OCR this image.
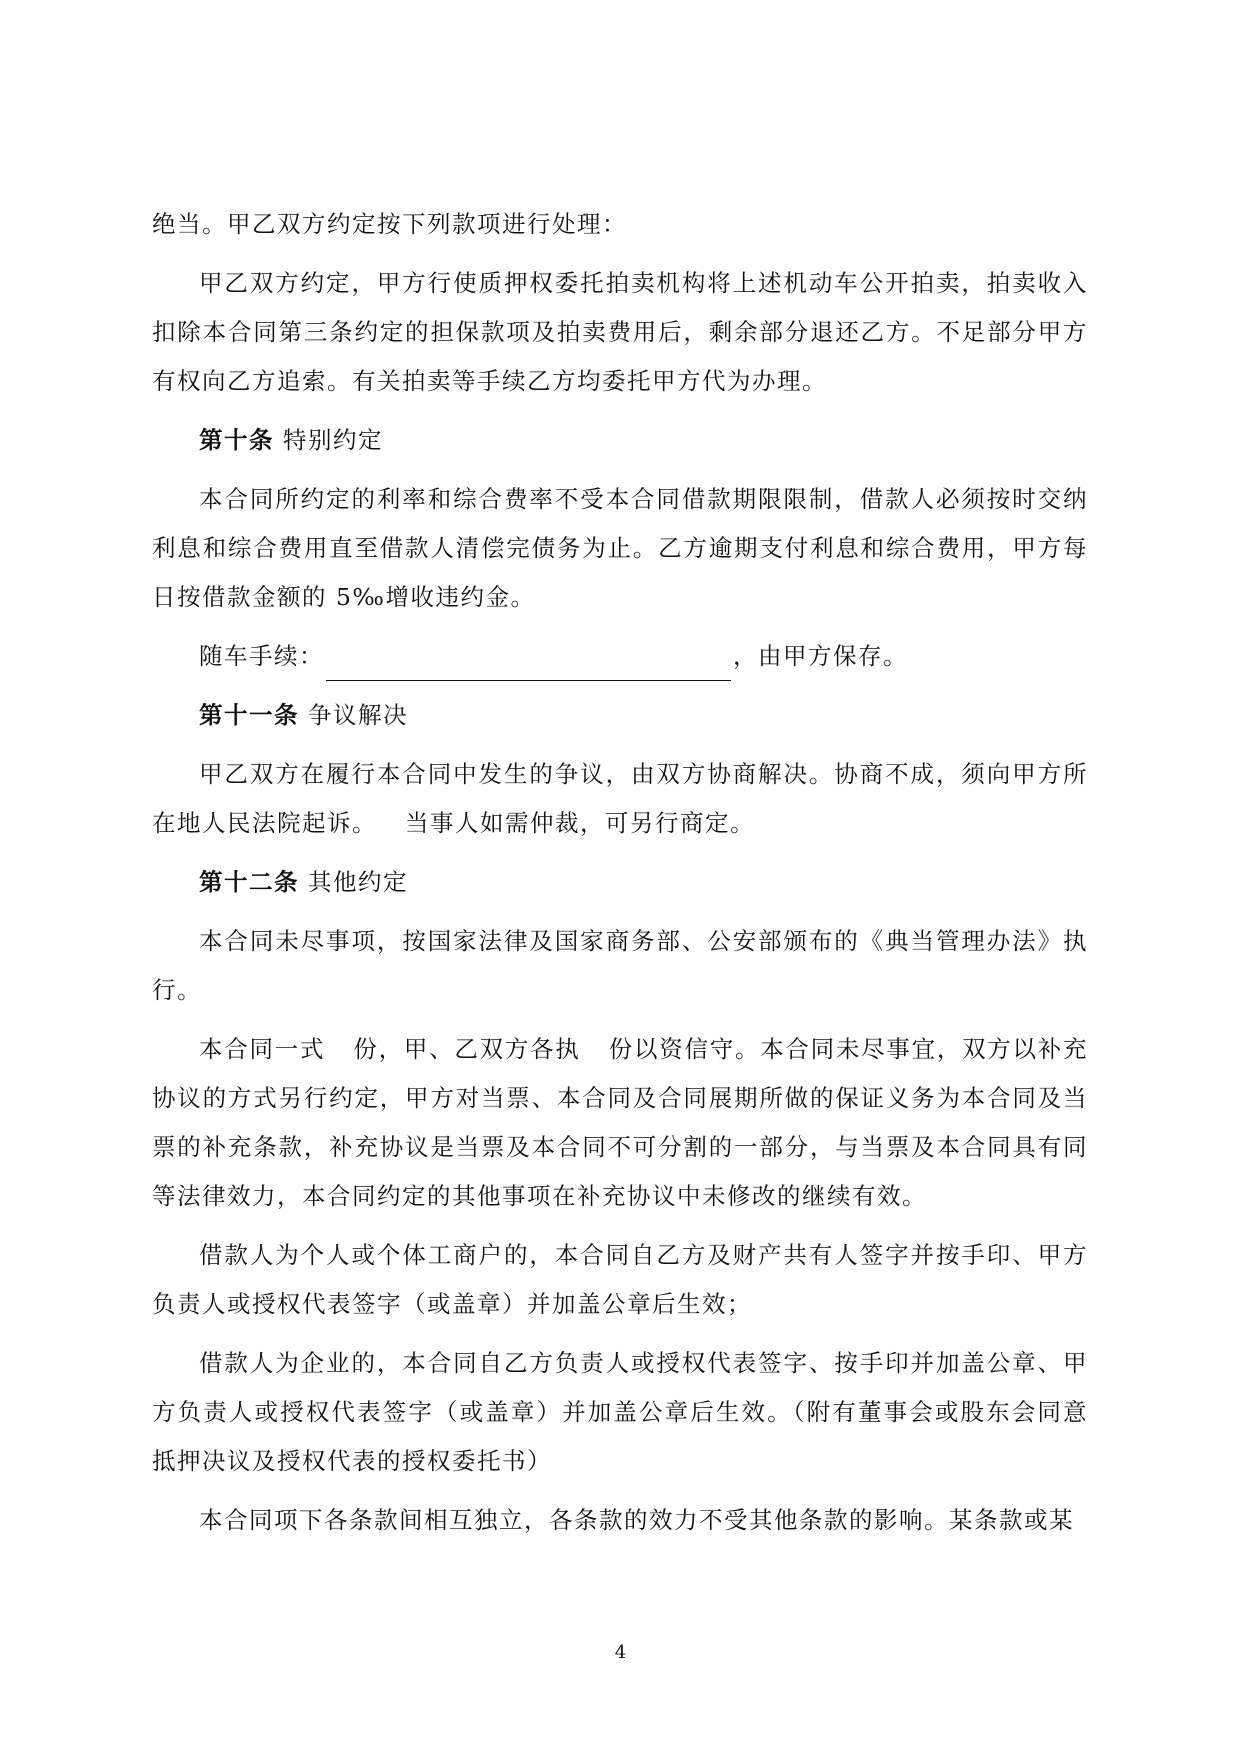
绝当。甲乙双方约定按下列款项进行处理：

甲乙双方约定，甲方行使质押权委托拍卖机构将上述机动车公开拍卖，拍卖收入扣除本合同第三条约定的担保款项及拍卖费用后，剩余部分退还乙方。不足部分甲方有权向乙方追索。有关拍卖等手续乙方均委托甲方代为办理。

第十条 特别约定

本合同所约定的利率和综合费率不受本合同借款期限限制，借款人必须按时交纳利息和综合费用直至借款人清偿完债务为止。乙方逾期支付利息和综合费用，甲方每日按借款金额的 5‰增收违约金。

随车手续：	，由甲方保存。

第十一条 争议解决

甲乙双方在履行本合同中发生的争议，由双方协商解决。协商不成，须向甲方所在地人民法院起诉。 当事人如需仲裁，可另行商定。

第十二条 其他约定

本合同未尽事项，按国家法律及国家商务部、公安部颁布的《典当管理办法》执行。

本合同一式 份，甲、乙双方各执 份以资信守。本合同未尽事宜，双方以补充协议的方式另行约定，甲方对当票、本合同及合同展期所做的保证义务为本合同及当票的补充条款，补充协议是当票及本合同不可分割的一部分，与当票及本合同具有同等法律效力，本合同约定的其他事项在补充协议中未修改的继续有效。

借款人为个人或个体工商户的，本合同自乙方及财产共有人签字并按手印、甲方负责人或授权代表签字（或盖章）并加盖公章后生效；

借款人为企业的，本合同自乙方负责人或授权代表签字、按手印并加盖公章、甲方负责人或授权代表签字（或盖章）并加盖公章后生效。（附有董事会或股东会同意抵押决议及授权代表的授权委托书）

本合同项下各条款间相互独立，各条款的效力不受其他条款的影响。某条款或某

4
